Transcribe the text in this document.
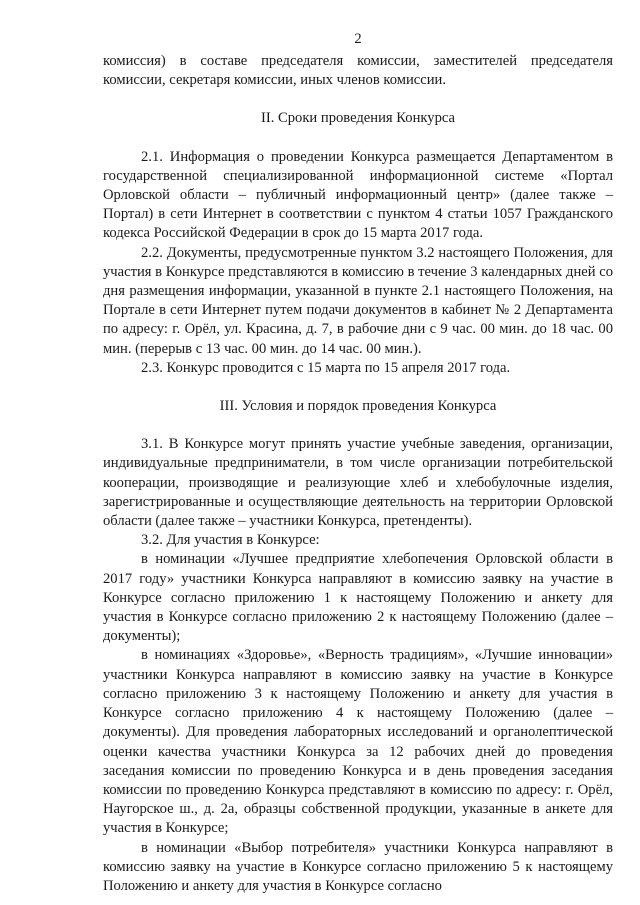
2

комиссия) в составе председателя комиссии, заместителей председателя комиссии, секретаря комиссии, иных членов комиссии.

II. Сроки проведения Конкурса

2.1. Информация о проведении Конкурса размещается Департаментом в государственной специализированной информационной системе «Портал Орловской области – публичный информационный центр» (далее также – Портал) в сети Интернет в соответствии с пунктом 4 статьи 1057 Гражданского кодекса Российской Федерации в срок до 15 марта 2017 года.

2.2. Документы, предусмотренные пунктом 3.2 настоящего Положения, для участия в Конкурсе представляются в комиссию в течение 3 календарных дней со дня размещения информации, указанной в пункте 2.1 настоящего Положения, на Портале в сети Интернет путем подачи документов в кабинет № 2 Департамента по адресу: г. Орёл, ул. Красина, д. 7, в рабочие дни с 9 час. 00 мин. до 18 час. 00 мин. (перерыв с 13 час. 00 мин. до 14 час. 00 мин.).

2.3. Конкурс проводится с 15 марта по 15 апреля 2017 года.

III. Условия и порядок проведения Конкурса

3.1. В Конкурсе могут принять участие учебные заведения, организации, индивидуальные предприниматели, в том числе организации потребительской кооперации, производящие и реализующие хлеб и хлебобулочные изделия, зарегистрированные и осуществляющие деятельность на территории Орловской области (далее также – участники Конкурса, претенденты).

3.2. Для участия в Конкурсе:

в номинации «Лучшее предприятие хлебопечения Орловской области в 2017 году» участники Конкурса направляют в комиссию заявку на участие в Конкурсе согласно приложению 1 к настоящему Положению и анкету для участия в Конкурсе согласно приложению 2 к настоящему Положению (далее – документы);

в номинациях «Здоровье», «Верность традициям», «Лучшие инновации» участники Конкурса направляют в комиссию заявку на участие в Конкурсе согласно приложению 3 к настоящему Положению и анкету для участия в Конкурсе согласно приложению 4 к настоящему Положению (далее – документы). Для проведения лабораторных исследований и органолептической оценки качества участники Конкурса за 12 рабочих дней до проведения заседания комиссии по проведению Конкурса и в день проведения заседания комиссии по проведению Конкурса представляют в комиссию по адресу: г. Орёл, Наугорское ш., д. 2а, образцы собственной продукции, указанные в анкете для участия в Конкурсе;

в номинации «Выбор потребителя» участники Конкурса направляют в комиссию заявку на участие в Конкурсе согласно приложению 5 к настоящему Положению и анкету для участия в Конкурсе согласно
